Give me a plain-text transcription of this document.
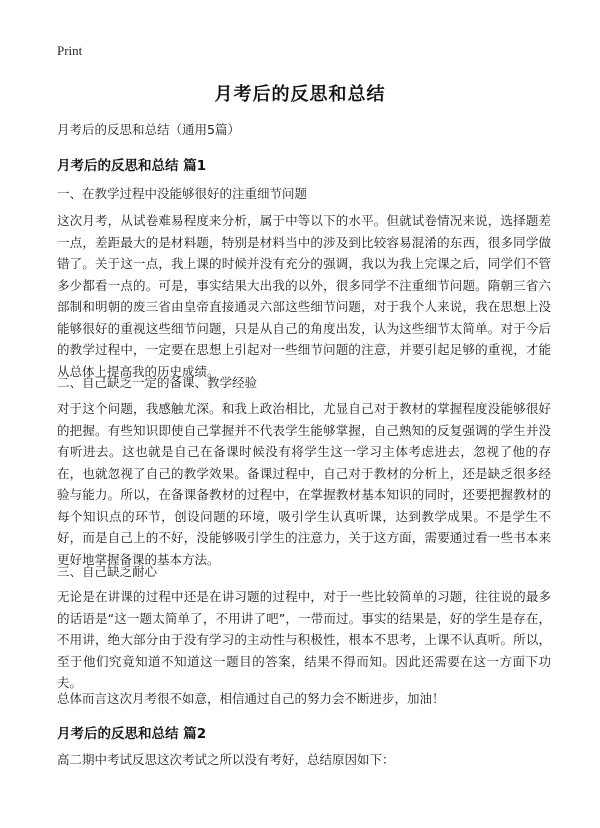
Print
月考后的反思和总结
月考后的反思和总结（通用5篇）
月考后的反思和总结 篇1
一、在教学过程中没能够很好的注重细节问题
这次月考，从试卷难易程度来分析，属于中等以下的水平。但就试卷情况来说，选择题差一点，差距最大的是材料题，特别是材料当中的涉及到比较容易混淆的东西，很多同学做错了。关于这一点，我上课的时候并没有充分的强调，我以为我上完课之后，同学们不管多少都看一点的。可是，事实结果大出我的以外，很多同学不注重细节问题。隋朝三省六部制和明朝的废三省由皇帝直接通灵六部这些细节问题，对于我个人来说，我在思想上没能够很好的重视这些细节问题，只是从自己的角度出发，认为这些细节太简单。对于今后的教学过程中，一定要在思想上引起对一些细节问题的注意，并要引起足够的重视，才能从总体上提高我的历史成绩。
二、自己缺乏一定的备课、教学经验
对于这个问题，我感触尤深。和我上政治相比，尤显自己对于教材的掌握程度没能够很好的把握。有些知识即使自己掌握并不代表学生能够掌握，自己熟知的反复强调的学生并没有听进去。这也就是自己在备课时候没有将学生这一学习主体考虑进去，忽视了他的存在，也就忽视了自己的教学效果。备课过程中，自己对于教材的分析上，还是缺乏很多经验与能力。所以，在备课备教材的过程中，在掌握教材基本知识的同时，还要把握教材的每个知识点的环节，创设问题的环境，吸引学生认真听课，达到教学成果。不是学生不好，而是自己上的不好，没能够吸引学生的注意力，关于这方面，需要通过看一些书本来更好地掌握备课的基本方法。
三、自己缺乏耐心
无论是在讲课的过程中还是在讲习题的过程中，对于一些比较简单的习题，往往说的最多的话语是“这一题太简单了，不用讲了吧”，一带而过。事实的结果是，好的学生是存在，不用讲，绝大部分由于没有学习的主动性与积极性，根本不思考，上课不认真听。所以，至于他们究竟知道不知道这一题目的答案，结果不得而知。因此还需要在这一方面下功夫。
总体而言这次月考很不如意，相信通过自己的努力会不断进步，加油！
月考后的反思和总结 篇2
高二期中考试反思这次考试之所以没有考好，总结原因如下：
